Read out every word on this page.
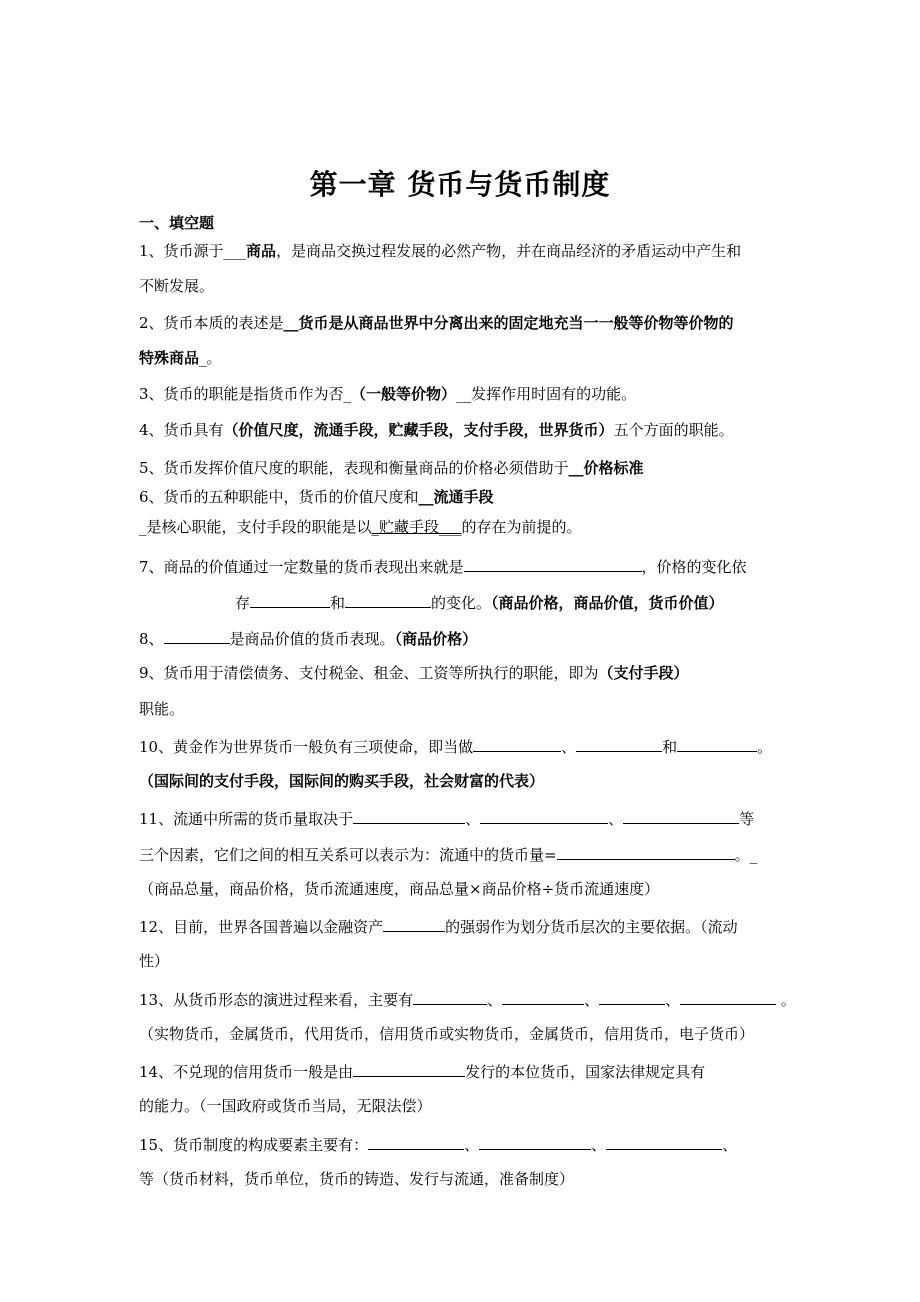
第一章 货币与货币制度
一、填空题
1、货币源于___商品，是商品交换过程发展的必然产物，并在商品经济的矛盾运动中产生和
不断发展。
2、货币本质的表述是__货币是从商品世界中分离出来的固定地充当一一般等价物等价物的
特殊商品_。
3、货币的职能是指货币作为否_（一般等价物）__发挥作用时固有的功能。
4、货币具有（价值尺度，流通手段，贮藏手段，支付手段，世界货币）五个方面的职能。
5、货币发挥价值尺度的职能，表现和衡量商品的价格必须借助于__价格标准
6、货币的五种职能中，货币的价值尺度和__流通手段
_是核心职能，支付手段的职能是以_贮藏手段___的存在为前提的。
7、商品的价值通过一定数量的货币表现出来就是	，价格的变化依
存	和	的变化。（商品价格，商品价值，货币价值）
8、	是商品价值的货币表现。（商品价格）
9、货币用于清偿债务、支付税金、租金、工资等所执行的职能，即为（支付手段）
职能。
10、黄金作为世界货币一般负有三项使命，即当做	、	和	。
（国际间的支付手段，国际间的购买手段，社会财富的代表）
11、流通中所需的货币量取决于	、	、	等
三个因素，它们之间的相互关系可以表示为：流通中的货币量=	。_
（商品总量，商品价格，货币流通速度，商品总量×商品价格÷货币流通速度）
12、目前，世界各国普遍以金融资产	的强弱作为划分货币层次的主要依据。（流动
性）
13、从货币形态的演进过程来看，主要有	、	、	、	。
（实物货币，金属货币，代用货币，信用货币或实物货币，金属货币，信用货币，电子货币）
14、不兑现的信用货币一般是由	发行的本位货币，国家法律规定具有
的能力。（一国政府或货币当局，无限法偿）
15、货币制度的构成要素主要有：	、	、	、
等（货币材料，货币单位，货币的铸造、发行与流通，准备制度）
